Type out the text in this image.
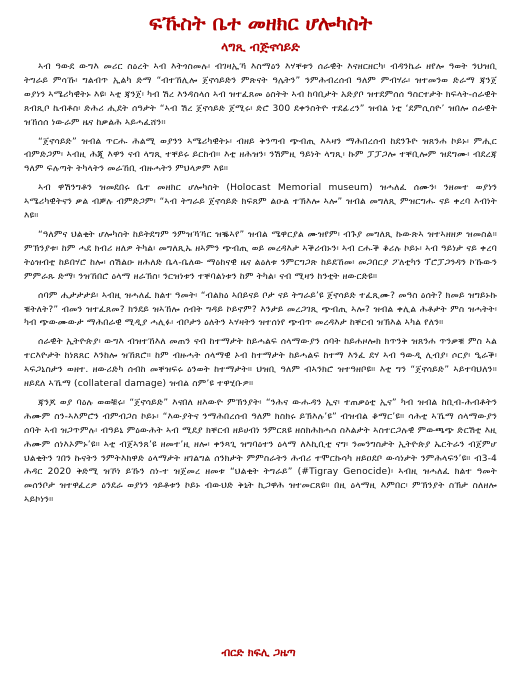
ፍኹስት ቤተ መዘክር ሆሎካስት
ላግጺ ብጅኖሳይድ

ኣብ ዓውደ ውግእ መሪር ስዕረት ኣብ እትጎስመሉ፡ ብገዛኢኻ እስማዕን እሃቐቱን ሰራዊት እናዘርዘርካ፡ ብዳንኬራ ዘየሎ ዓወት ንህዝቢ ትግራይ ምሳኹ፡ ግልብጥ ኢልካ ድማ “ብተኸሊሎ ጀኖሳይድን ምጽናት ዓሌትን” ንምሕብረሰብ ዓለም ምብሃራ፡ ዝተመንወ ድራማ ጃንጀ ወያነን ኣሜሪካዊትኑ እዩ፡ ኣቲ ጃንጀ፡ ካብ ሽረ እንዳስላሰ ኣብ ዝተፈጸመ ዕስትት ኣብ ከባቢታት አድያቦ ዝተደምሰሰ ዓስርተታት ክፍላት-ሰራዊት ጸብጺቦ ኬብቶስ፡ ድሕሪ ሒደት ሰዓታት “ኣብ ሽረ ጀኖሳይድ ጀሚሩ፡ ድሮ 300 ደቀንስትዮ ተደፊረን” ዝብል ነቲ ‘ደምሲስዮ’ ዝበሎ ሰራዊት ዝኸሰሰ ነውራም ዜና ከቃልሕ ኣይሓፈሸን።

“ጀኖሳይድ” ዝብል ጥርሑ ሕልሚ ወያንን ኣሜሪካዊትኑ፡ ብዘይ ቅንጣብ ጭብጢ እኣዛን ማሕበረሰብ ከደንጉዮ ዝጸንሐ ኮይኑ፡ ምሒር ብምድጋም፡ ኣብዚ ሕጂ እዋን ናብ ላግጺ ተቐይሩ ይርከብ፡፡ እቲ ዘሕዝን፡ ንሽምዚ ዓይነት ላግጺ፡ ኩም ፓፓጋሎ ተቐቢሎም ዝደግሙ፡ ብደረጃ ዓለም ፍሉጣት ትካላትን መራኸቢ ብዙሓትን ምህላዎም እዩ።

ኣብ ዋሽንግቶን ዝመደበሩ ቤተ መዘክር ሆሎካስት (Holocast Memorial museum) ዝሓለፈ ሰሙን፡ ንዘመተ ወያነን ኣሜሪካዊትናን ቃል ብቓሉ ብምድጋም፡ “ኣብ ትግራይ ጀኖሳይድ ክፍጸም ልዑል ተኽእሎ ኣሎ” ዝብል መግለጺ ምዝርግሑ ናይ ቀረባ እብነት እዩ።

“ዓለምና ህልቂት ሆሎካስት ከይትደግም ንምዝኻኻር ዝቘኣየ” ዝብል ሜዋርያል ሙዝየም፡ ብጉያ መግለጺ ኩውጽኣ ዝተኣዘዘዎ ዝመስል። ምኽንያቱ፡ ከም ሓደ ክብሪ ዘለዎ ትካል፡ መግለጺኡ ዘኣምን ጭብጢ ወይ መረዳእታ ኣቕሪብኑን፡ ኣብ ርሑቕ ቆሪሉ ኮይኑ፡ ኣብ ዓይነታ ናይ ቀረባ ትዕዝብቲ ከይበሃሮ ከሎ፡ ሰሽልዑ ዘሕለድ ቤላ-ቤለው ማዕከናዊ ዜና ልዕለቱ ንምርግጋጽ ከይደኸመ፡ መጋበርያ ፖለቲካን ፕሮፓጋንዳን ኮኹውን ምምራጹ ድማ፡ ንዝኸበሮ ዕላማ ዘራኽስ፡ ንርዝነቱን ተቐባልነቱን ከም ትካል፡ ናብ ሚዛን ከንቲት ዘውርድዩ።

ሰባም ሒታታታይ፡ ኣብዚ ዝሓለፈ ክልተ ዓመት፡ “ብልክዕ ኣበይናይ ቦታ ናይ ትግራይ’ዩ ጀኖሳይድ ተፈጺሙ? መዓስ ዕሰት? ክመይ ዝግይኑኩ ቑትለት?” ብመን ዝተፈጸመ? ክንደይ ዝኣኸሎ ሰብት ግዳይ ኮይኖም? እንታይ መረጋገጺ ጭብጢ ኣሎ? ዝብል ቀሊል ሕቶታት ምስ ዝሓትት፡ ካብ ጭውሙውታ ማሕበራዊ ሚዲያ ሓሊፉ፡ ብቦታን ዕለትን ኣሃዛትን ዝተሰነየ ጭብጥ መረዳእታ ከቐርብ ዝኽእል ኣካል የለን።

ሰራዊት ኢትዮጵያ፡ ውግእ ብዝተኸእለ መጠን ናብ ከተማታት ከይሓልፍ ሰላማውያን ሰባት ከይሐዞሎክ ክጥንቅ ዝጸንሐ ጥንቃቑ ምስ ኣል ተርእዮታት ከነጸጸር እንከሎ ዝኸጸሮ። ከም ብዙሓት ሰላማዊ ኦብ ከተማታት ከይሓልፍ ከተማ እንፈ ደሃ ኣብ ዓውዲ ሊብያ፡ ሶርያ፡ ዒራቕ፡ ኣፍጋኒስታን ወዘተ. ዘውሪድካ ሰብከ መቐዝፍሩ ዕንወት ከተማታት። ህዝቢ ዓለም ብኣንክሮ ዝተዓዘቦዩ። እቲ ግን “ጀኖሳይድ” ኣይተባህለን። ዘይደለ ኣኼማ (collateral damage) ዝብል ስም’ዩ ተዋሂቡዎ።

ጃንጆ ወያ ባዕሉ ወወቹሩ፡ “ጀኖሳይድ” እናበለ ዘእውዮ ምኽንያት፡ “ንሕና ውሑዳን ኢና፡ ተጠቃዕቲ ኢና” ካብ ዝብል ከቢብ-ሕብቶትን ሕሙም ስን-ኣእምሮን ብምብጋስ ኮይኑ፡ “እውያትና ንማሕበረሰብ ዓለም ክስክሩ ይኽእሉ’ዩ” ብዝብል ቆማር’ዩ። ሳሕቲ ኣኼማ ሰላማውያን ሰባት ኣብ ዝጋጥምሉ፡ ብዓይኒ ምዕውሕት ኣብ ሚደያ ክቐርብ ዘይሀብነ ንምርጸዩ ዘስክሕክሓስ ስእልታት ኣስተርጋሉዊ ምውጫጭ ድርሽቲ እዚ ሕሙም ሰነእኦምኑ’ዩ። ኣቲ ብጀኣንጸ’ዩ ዘመተ’ዚ ዘሎ፡ ቀንጻጊ ዝግባዕተን ዕላማ ለእኪቢቲ ናግ፡ ንመንግስታት ኢትዮጵያ ኤርትራን ብጀምሆ ህልቂትን ገበን ኩናትን ንምትእክዋድ ዕላማታት ዘገልግል ሰንክታት ምምስራትን ሕብሪ ተሞርኩሳካ ዘይዐደቦ ውሳነታት ንምሕላፍን’ዩ። ብ3-4 ሕዳር 2020 ቅድሚ ዝኾነ ይኹን ስነ-ተ ዝጀመረ ዘመቱ “ህልቂት ትግራይ” (#Tigray Genocide)፡ ኣብዚ ዝሓለፈ ክልተ ዓመት መሰንቦታ ዝተዋፈረዎ ዕንደራ ወያነን ጎይቶቱን ኮይኑ ብውህድ ቅኒት ኪጋዋሕ ዝተመርጸዩ። በዚ ዕላማዚ እምበር፡ ምኽንያት ስኽታ ስለዘሎ ኣይኮነን።

ብርድ ክፍሊ ጋዜጣ
